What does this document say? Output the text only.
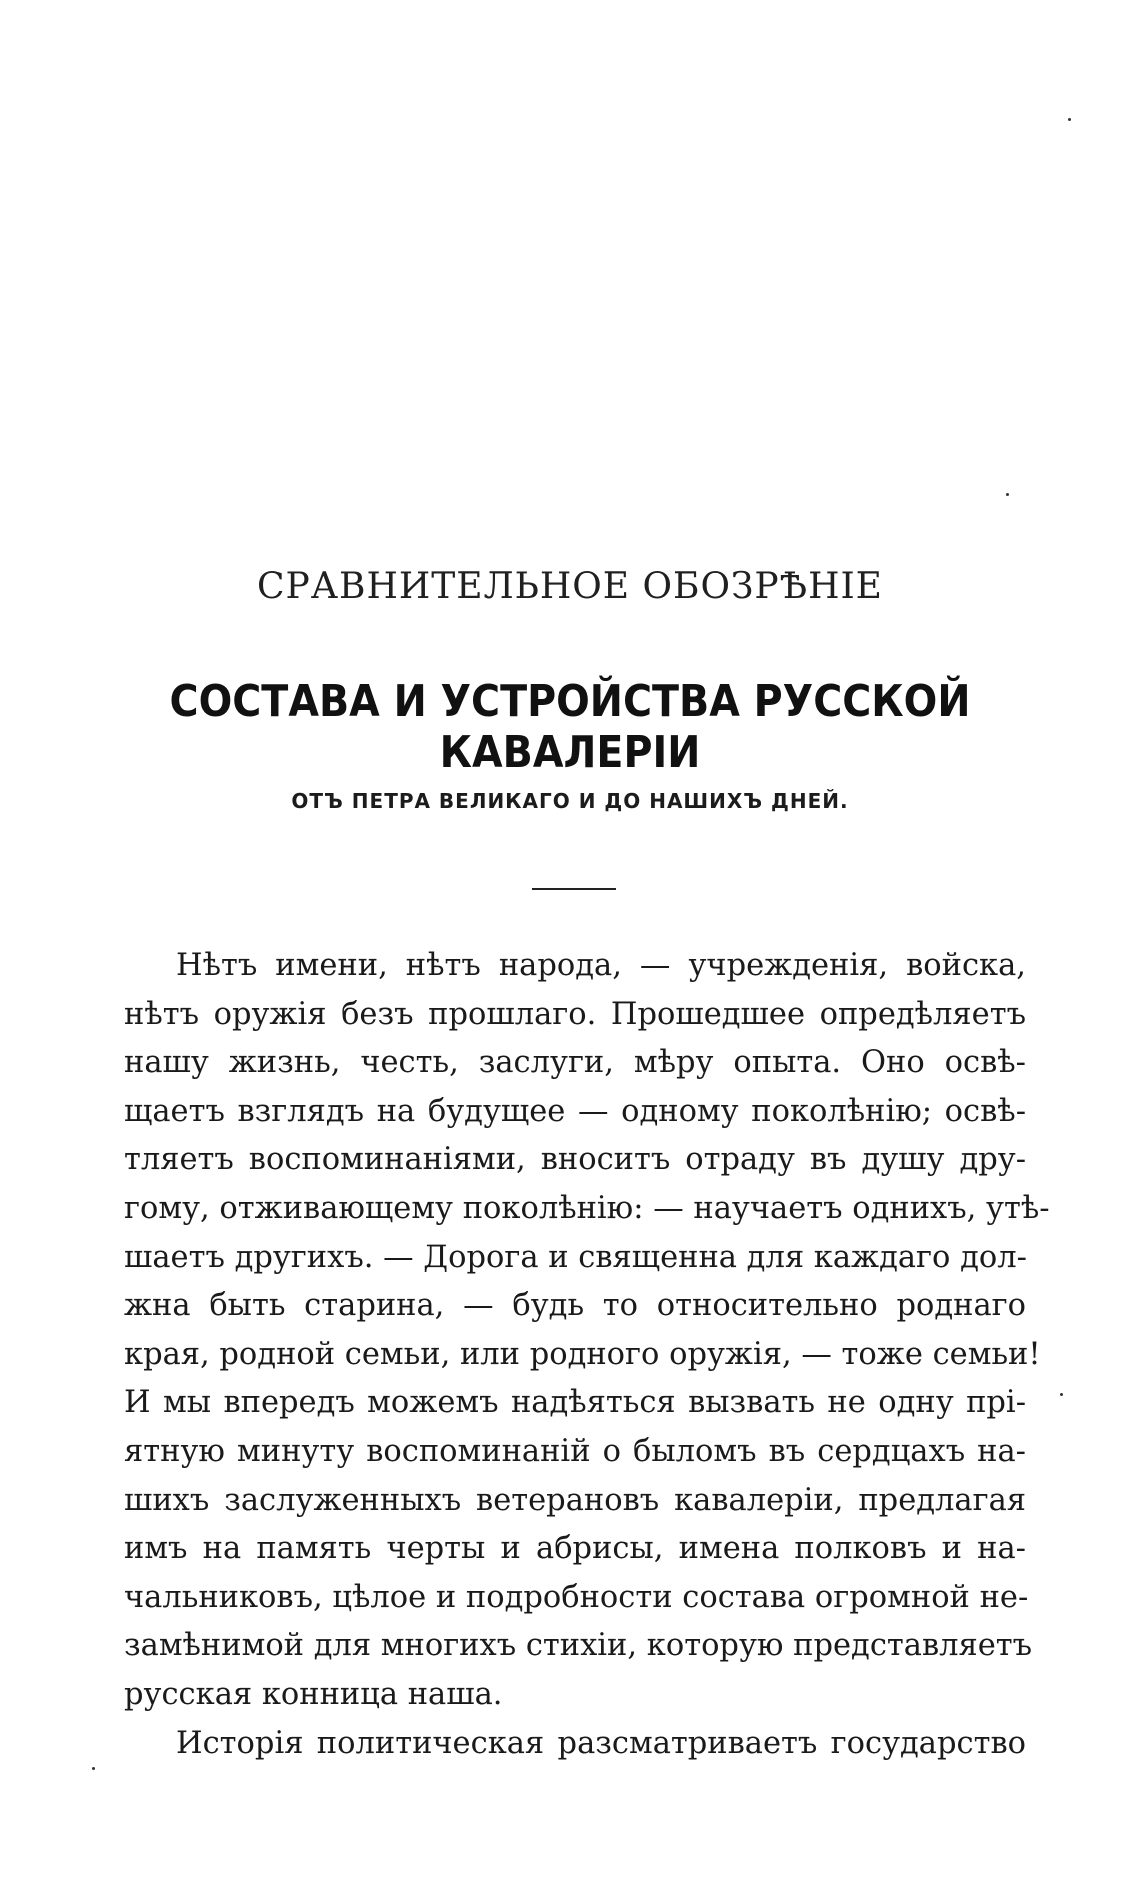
СРАВНИТЕЛЬНОЕ ОБОЗРѢНІЕ
СОСТАВА И УСТРОЙСТВА РУССКОЙ КАВАЛЕРІИ
ОТЪ ПЕТРА ВЕЛИКАГО И ДО НАШИХЪ ДНЕЙ.
Нѣтъ имени, нѣтъ народа, — учрежденія, войска,
нѣтъ оружія безъ прошлаго. Прошедшее опредѣляетъ
нашу жизнь, честь, заслуги, мѣру опыта. Оно освѣ-
щаетъ взглядъ на будущее — одному поколѣнію; освѣ-
тляетъ воспоминаніями, вноситъ отраду въ душу дру-
гому, отживающему поколѣнію: — научаетъ однихъ, утѣ-
шаетъ другихъ. — Дорога и священна для каждаго дол-
жна быть старина, — будь то относительно роднаго
края, родной семьи, или родного оружія, — тоже семьи!
И мы впередъ можемъ надѣяться вызвать не одну прі-
ятную минуту воспоминаній о быломъ въ сердцахъ на-
шихъ заслуженныхъ ветерановъ кавалеріи, предлагая
имъ на память черты и абрисы, имена полковъ и на-
чальниковъ, цѣлое и подробности состава огромной не-
замѣнимой для многихъ стихіи, которую представляетъ
русская конница наша.
Исторія политическая разсматриваетъ государство
